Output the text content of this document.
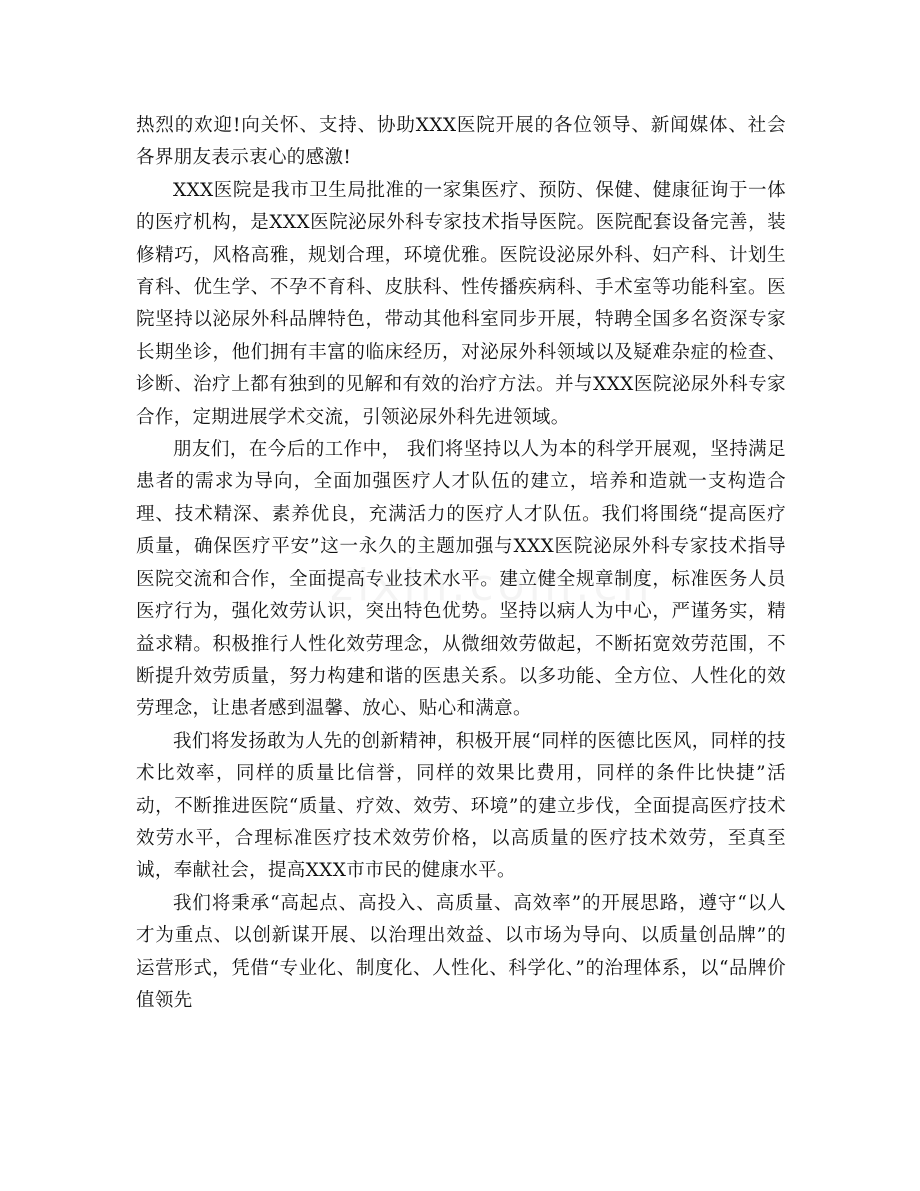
热烈的欢迎!向关怀、支持、协助XXX医院开展的各位领导、新闻媒体、社会各界朋友表示衷心的感激!

XXX医院是我市卫生局批准的一家集医疗、预防、保健、健康征询于一体的医疗机构，是XXX医院泌尿外科专家技术指导医院。医院配套设备完善，装修精巧，风格高雅，规划合理，环境优雅。医院设泌尿外科、妇产科、计划生育科、优生学、不孕不育科、皮肤科、性传播疾病科、手术室等功能科室。医院坚持以泌尿外科品牌特色，带动其他科室同步开展，特聘全国多名资深专家长期坐诊，他们拥有丰富的临床经历，对泌尿外科领域以及疑难杂症的检查、诊断、治疗上都有独到的见解和有效的治疗方法。并与XXX医院泌尿外科专家合作，定期进展学术交流，引领泌尿外科先进领域。

朋友们，在今后的工作中， 我们将坚持以人为本的科学开展观，坚持满足患者的需求为导向，全面加强医疗人才队伍的建立，培养和造就一支构造合理、技术精深、素养优良，充满活力的医疗人才队伍。我们将围绕“提高医疗质量，确保医疗平安”这一永久的主题加强与XXX医院泌尿外科专家技术指导医院交流和合作，全面提高专业技术水平。建立健全规章制度，标准医务人员医疗行为，强化效劳认识，突出特色优势。坚持以病人为中心，严谨务实，精益求精。积极推行人性化效劳理念，从微细效劳做起，不断拓宽效劳范围，不断提升效劳质量，努力构建和谐的医患关系。以多功能、全方位、人性化的效劳理念，让患者感到温馨、放心、贴心和满意。

我们将发扬敢为人先的创新精神，积极开展“同样的医德比医风，同样的技术比效率，同样的质量比信誉，同样的效果比费用，同样的条件比快捷”活动，不断推进医院“质量、疗效、效劳、环境”的建立步伐，全面提高医疗技术效劳水平，合理标准医疗技术效劳价格，以高质量的医疗技术效劳，至真至诚，奉献社会，提高XXX市市民的健康水平。

我们将秉承“高起点、高投入、高质量、高效率”的开展思路，遵守“以人才为重点、以创新谋开展、以治理出效益、以市场为导向、以质量创品牌”的运营形式，凭借“专业化、制度化、人性化、科学化、”的治理体系，以“品牌价值领先
